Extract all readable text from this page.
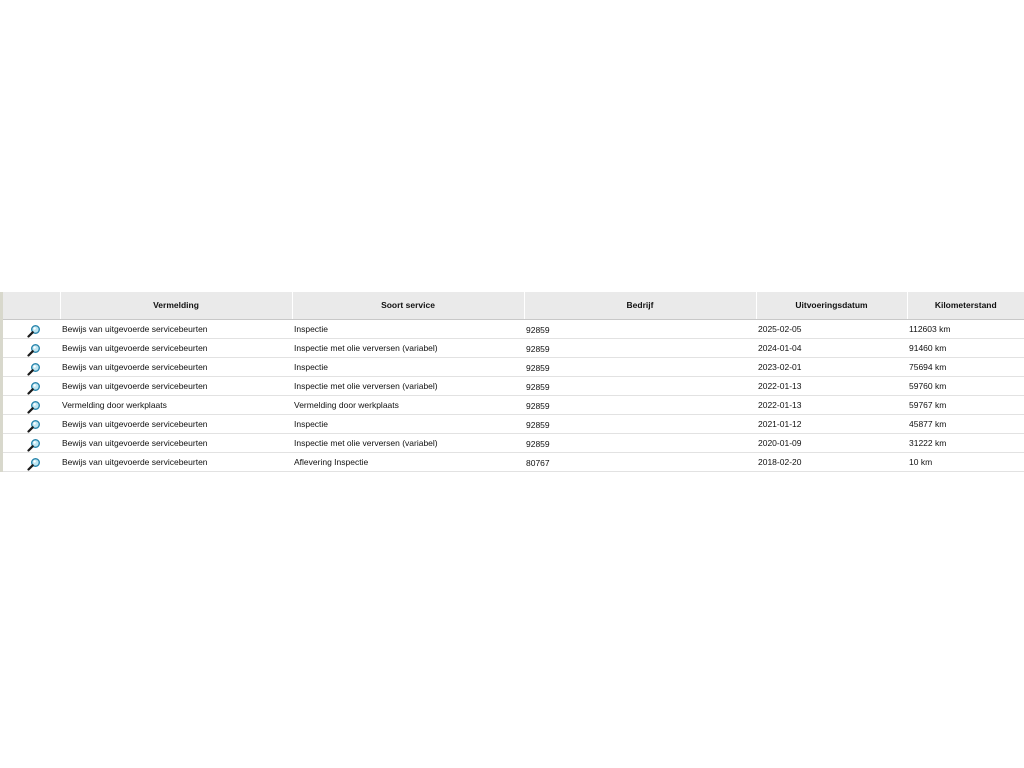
	Vermelding	Soort service	Bedrijf	Uitvoeringsdatum	Kilometerstand
	Bewijs van uitgevoerde servicebeurten	Inspectie	92859	2025-02-05	112603 km
	Bewijs van uitgevoerde servicebeurten	Inspectie met olie verversen (variabel)	92859	2024-01-04	91460 km
	Bewijs van uitgevoerde servicebeurten	Inspectie	92859	2023-02-01	75694 km
	Bewijs van uitgevoerde servicebeurten	Inspectie met olie verversen (variabel)	92859	2022-01-13	59760 km
	Vermelding door werkplaats	Vermelding door werkplaats	92859	2022-01-13	59767 km
	Bewijs van uitgevoerde servicebeurten	Inspectie	92859	2021-01-12	45877 km
	Bewijs van uitgevoerde servicebeurten	Inspectie met olie verversen (variabel)	92859	2020-01-09	31222 km
	Bewijs van uitgevoerde servicebeurten	Aflevering Inspectie	80767	2018-02-20	10 km
